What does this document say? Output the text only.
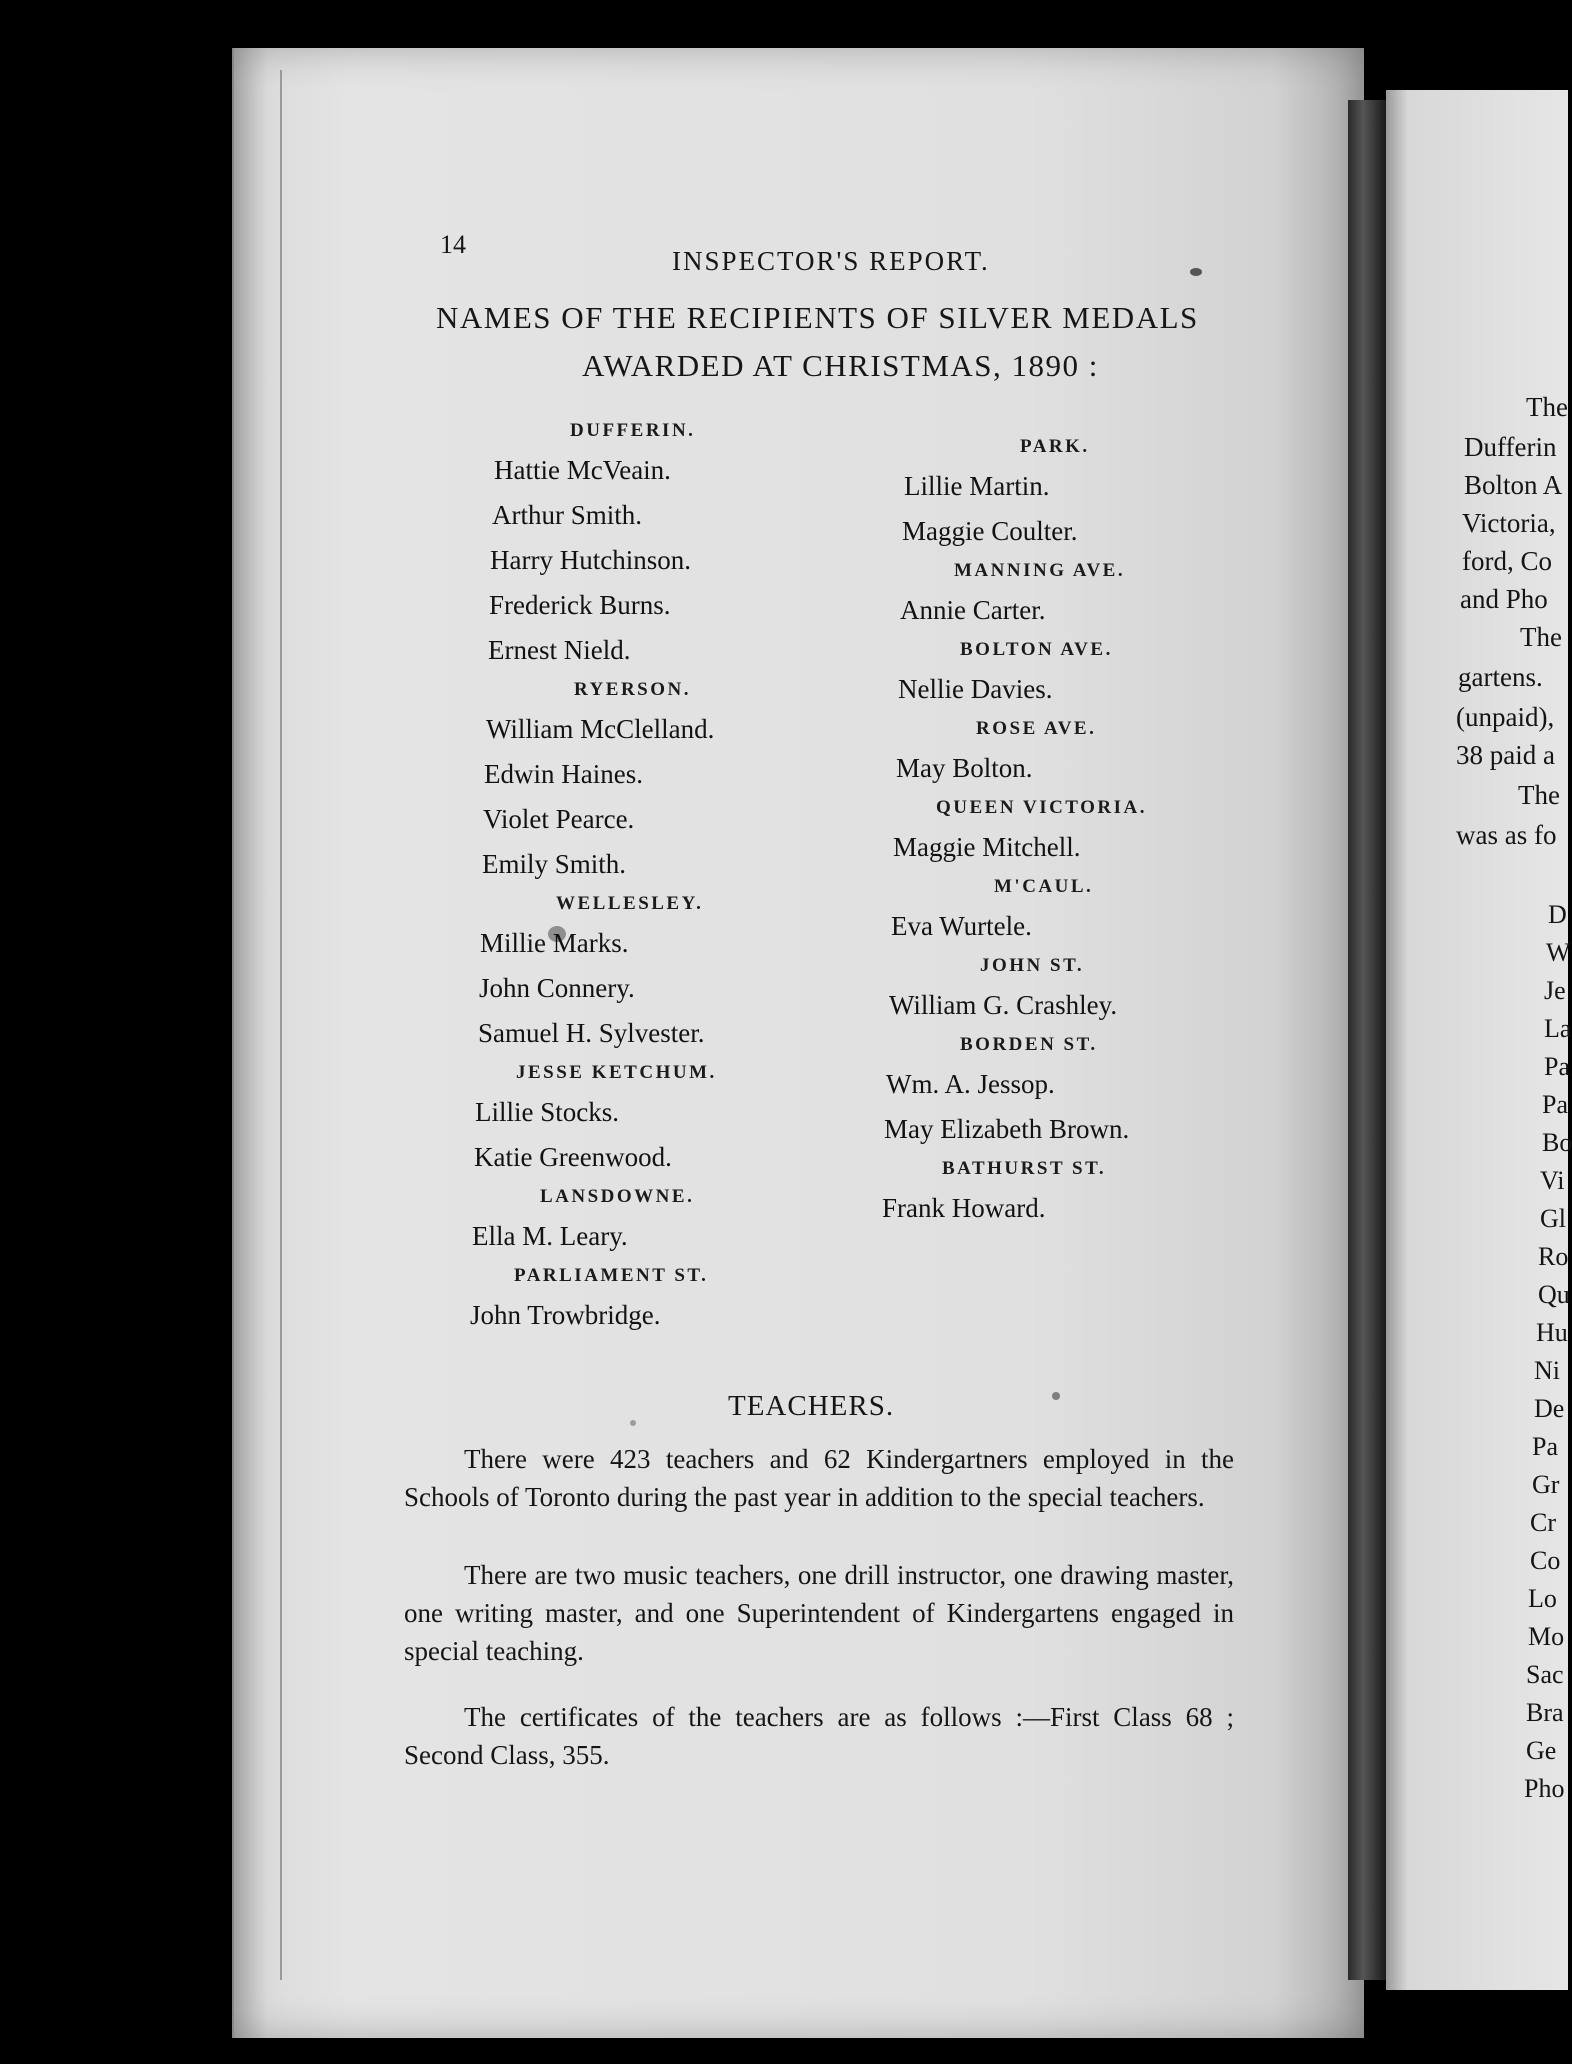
14
INSPECTOR'S REPORT.
NAMES OF THE RECIPIENTS OF SILVER MEDALS
AWARDED AT CHRISTMAS, 1890 :
DUFFERIN.
Hattie McVeain.
Arthur Smith.
Harry Hutchinson.
Frederick Burns.
Ernest Nield.
RYERSON.
William McClelland.
Edwin Haines.
Violet Pearce.
Emily Smith.
WELLESLEY.
Millie Marks.
John Connery.
Samuel H. Sylvester.
JESSE KETCHUM.
Lillie Stocks.
Katie Greenwood.
LANSDOWNE.
Ella M. Leary.
PARLIAMENT ST.
John Trowbridge.
PARK.
Lillie Martin.
Maggie Coulter.
MANNING AVE.
Annie Carter.
BOLTON AVE.
Nellie Davies.
ROSE AVE.
May Bolton.
QUEEN VICTORIA.
Maggie Mitchell.
M'CAUL.
Eva Wurtele.
JOHN ST.
William G. Crashley.
BORDEN ST.
Wm. A. Jessop.
May Elizabeth Brown.
BATHURST ST.
Frank Howard.
TEACHERS.
There were 423 teachers and 62 Kindergartners employed in the Schools of Toronto during the past year in addition to the special teachers.
There are two music teachers, one drill instructor, one drawing master, one writing master, and one Superintendent of Kindergartens engaged in special teaching.
The certificates of the teachers are as follows :—First Class 68 ; Second Class, 355.
The
Dufferin
Bolton A
Victoria,
ford, Co
and Pho
The
gartens.
(unpaid),
38 paid a
The
was as fo
D
W
Je
La
Pa
Pa
Bo
Vi
Gl
Ro
Qu
Hu
Ni
De
Pa
Gr
Cr
Co
Lo
Mo
Sac
Bra
Ge
Pho
